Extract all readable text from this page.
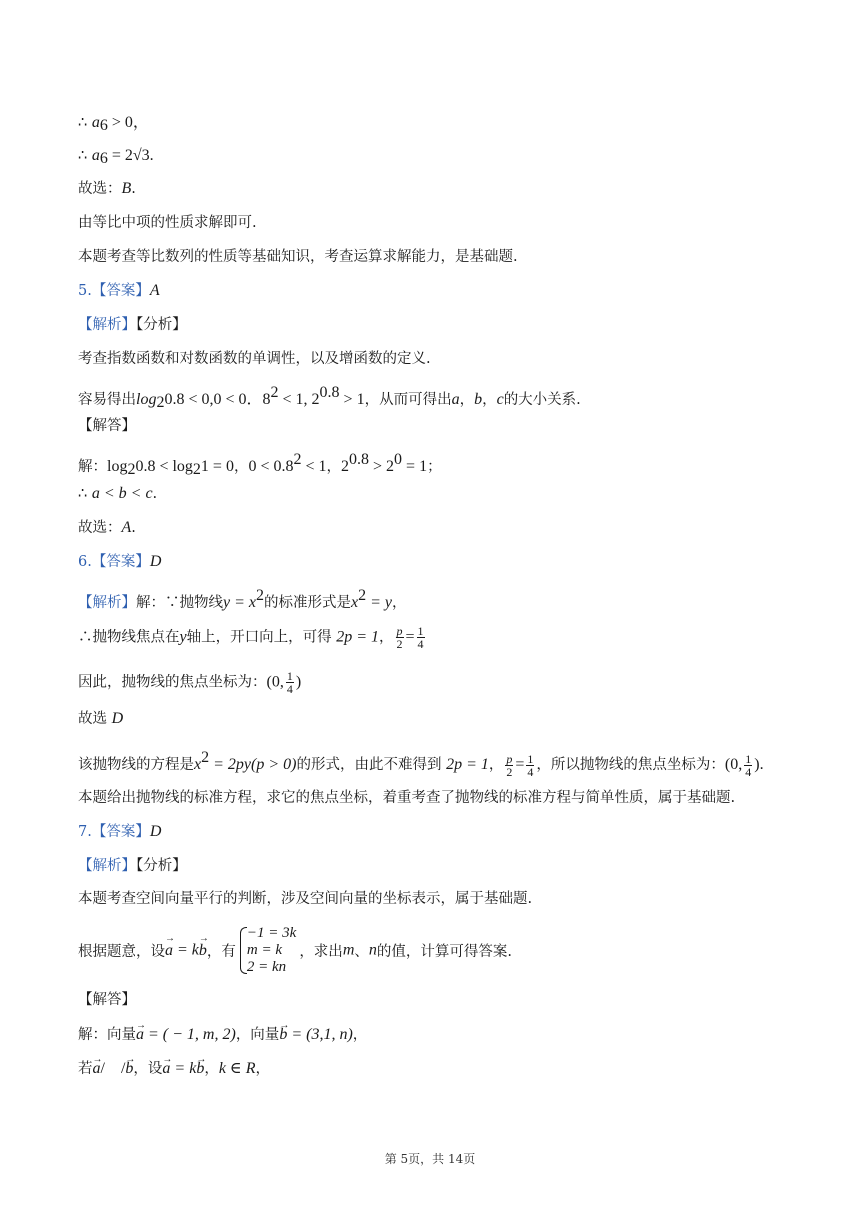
∴ $a_6 > 0$，
∴ $a_6 = 2√3$.
故选：B.
由等比中项的性质求解即可.
本题考查等比数列的性质等基础知识，考查运算求解能力，是基础题.
5.【答案】A
【解析】【分析】
考查指数函数和对数函数的单调性，以及增函数的定义.
容易得出$\log_20.8 < 0,0 < 0$．$8^2 < 1$, $2^{0.8} > 1$，从而可得出a，b，c的大小关系.
【解答】
解：$\log_20.8 < \log_21 = 0$，$0 < 0.8^2 < 1$，$2^{0.8} > 2^0 = 1$；
∴ a < b < c.
故选：A.
6.【答案】D
【解析】解：∵抛物线$y = x^2$的标准形式是$x^2 = y$，
∴抛物线焦点在y轴上，开口向上，可得 2p = 1， $\frac{p}{2} = \frac{1}{4}$
因此，抛物线的焦点坐标为：(0, $\frac{1}{4}$ )
故选 D
该抛物线的方程是$x^2 = 2py(p > 0)$的形式，由此不难得到 2p = 1， $\frac{p}{2} = \frac{1}{4}$ ，所以抛物线的焦点坐标为：(0, $\frac{1}{4}$ ).
本题给出抛物线的标准方程，求它的焦点坐标，着重考查了抛物线的标准方程与简单性质，属于基础题.
7.【答案】D
【解析】【分析】
本题考查空间向量平行的判断，涉及空间向量的坐标表示，属于基础题.
根据题意，设→ a = k→ b，有
−1 = 3k
m = k
2 = kn
，求出m、n的值，计算可得答案.
【解答】
解：向量→ a = ( − 1, m, 2)，向量→ b = (3,1, n)，
若→ a/　/→ b，设→ a = k→ b，k ∈ R，
第 5页，共 14页
